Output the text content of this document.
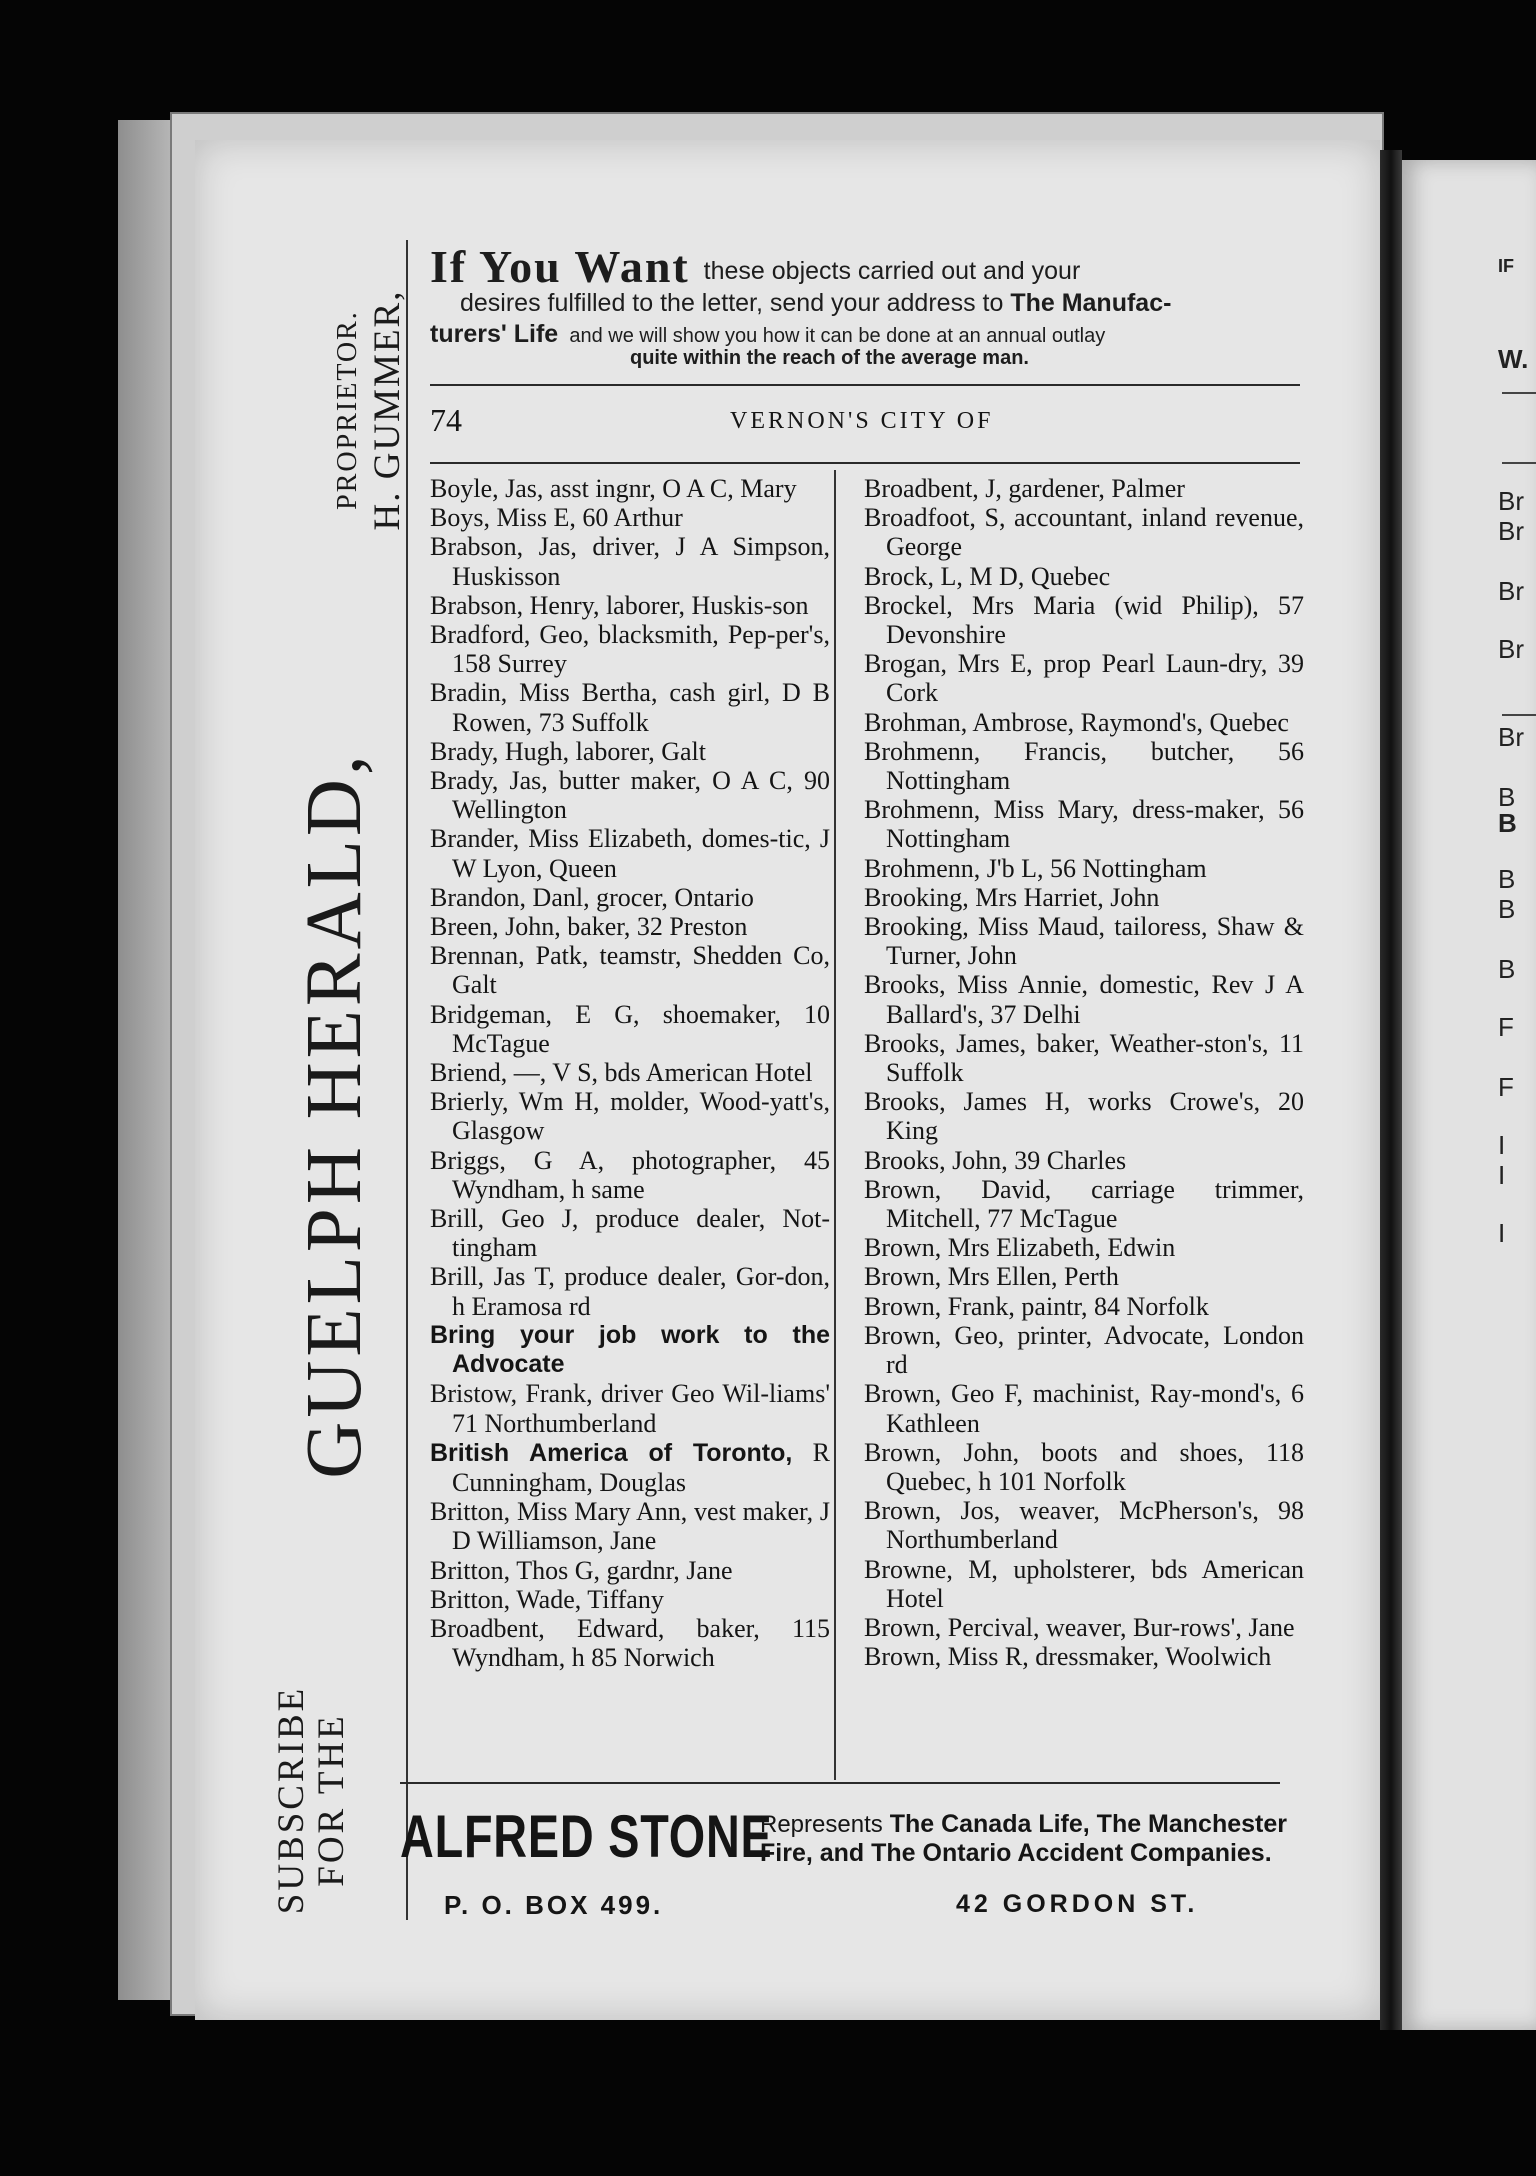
IF
W.
Br
Br
Br
Br
Br
B
B
B
B
B
F
F
I
I
I
GUELPH HERALD,
SUBSCRIBE FOR THE
PROPRIETOR. H. GUMMER,
If You Want these objects carried out and your
desires fulfilled to the letter, send your address to The Manufac-
turers' Life and we will show you how it can be done at an annual outlay
quite within the reach of the average man.
74	VERNON'S CITY OF

Boyle, Jas, asst ingnr, O A C, Mary

Boys, Miss E, 60 Arthur

Brabson, Jas, driver, J A Simpson, Huskisson

Brabson, Henry, laborer, Huskis-son

Bradford, Geo, blacksmith, Pep-per's, 158 Surrey

Bradin, Miss Bertha, cash girl, D B Rowen, 73 Suffolk

Brady, Hugh, laborer, Galt

Brady, Jas, butter maker, O A C, 90 Wellington

Brander, Miss Elizabeth, domes-tic, J W Lyon, Queen

Brandon, Danl, grocer, Ontario

Breen, John, baker, 32 Preston

Brennan, Patk, teamstr, Shedden Co, Galt

Bridgeman, E G, shoemaker, 10 McTague

Briend, —, V S, bds American Hotel

Brierly, Wm H, molder, Wood-yatt's, Glasgow

Briggs, G A, photographer, 45 Wyndham, h same

Brill, Geo J, produce dealer, Not-tingham

Brill, Jas T, produce dealer, Gor-don, h Eramosa rd

Bring your job work to the Advocate

Bristow, Frank, driver Geo Wil-liams' 71 Northumberland

British America of Toronto, R Cunningham, Douglas

Britton, Miss Mary Ann, vest maker, J D Williamson, Jane

Britton, Thos G, gardnr, Jane

Britton, Wade, Tiffany

Broadbent, Edward, baker, 115 Wyndham, h 85 Norwich

Broadbent, J, gardener, Palmer

Broadfoot, S, accountant, inland revenue, George

Brock, L, M D, Quebec

Brockel, Mrs Maria (wid Philip), 57 Devonshire

Brogan, Mrs E, prop Pearl Laun-dry, 39 Cork

Brohman, Ambrose, Raymond's, Quebec

Brohmenn, Francis, butcher, 56 Nottingham

Brohmenn, Miss Mary, dress-maker, 56 Nottingham

Brohmenn, J'b L, 56 Nottingham

Brooking, Mrs Harriet, John

Brooking, Miss Maud, tailoress, Shaw & Turner, John

Brooks, Miss Annie, domestic, Rev J A Ballard's, 37 Delhi

Brooks, James, baker, Weather-ston's, 11 Suffolk

Brooks, James H, works Crowe's, 20 King

Brooks, John, 39 Charles

Brown, David, carriage trimmer, Mitchell, 77 McTague

Brown, Mrs Elizabeth, Edwin

Brown, Mrs Ellen, Perth

Brown, Frank, paintr, 84 Norfolk

Brown, Geo, printer, Advocate, London rd

Brown, Geo F, machinist, Ray-mond's, 6 Kathleen

Brown, John, boots and shoes, 118 Quebec, h 101 Norfolk

Brown, Jos, weaver, McPherson's, 98 Northumberland

Browne, M, upholsterer, bds American Hotel

Brown, Percival, weaver, Bur-rows', Jane

Brown, Miss R, dressmaker, Woolwich

ALFRED STONE
P. O. BOX 499.
Represents The Canada Life, The Manchester Fire, and The Ontario Accident Companies.
42 GORDON ST.
